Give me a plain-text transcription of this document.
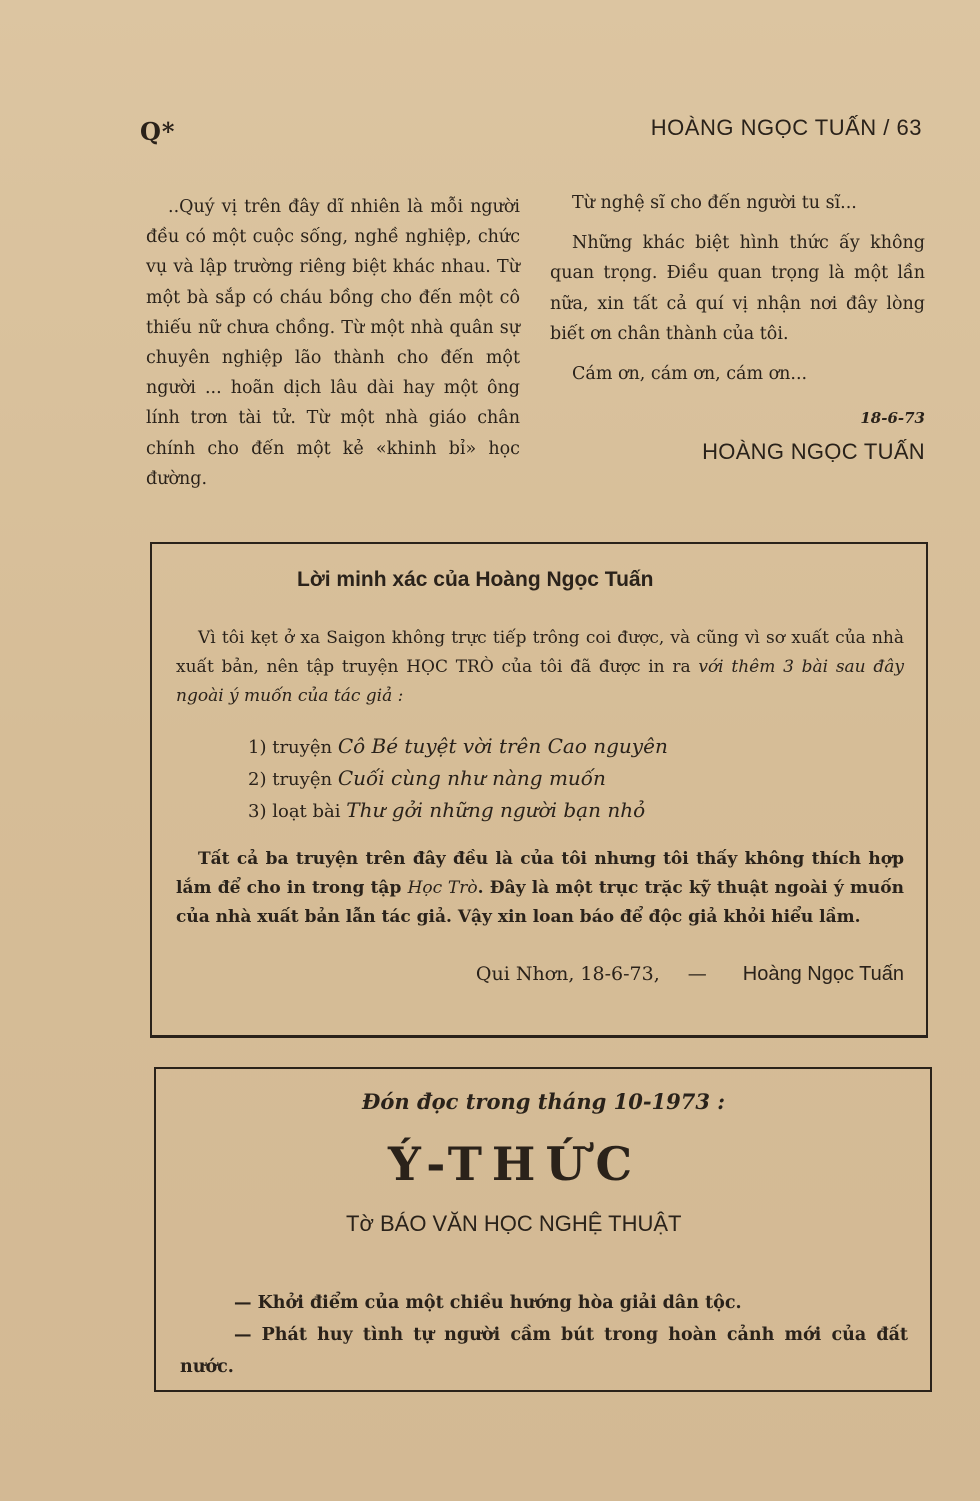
Q*	HOÀNG NGỌC TUẤN / 63
..Quý vị trên đây dĩ nhiên là mỗi người đều có một cuộc sống, nghề nghiệp, chức vụ và lập trường riêng biệt khác nhau. Từ một bà sắp có cháu bồng cho đến một cô thiếu nữ chưa chồng. Từ một nhà quân sự chuyên nghiệp lão thành cho đến một người ... hoãn dịch lâu dài hay một ông lính trơn tài tử. Từ một nhà giáo chân chính cho đến một kẻ «khinh bỉ» học đường.

Từ nghệ sĩ cho đến người tu sĩ...

Những khác biệt hình thức ấy không quan trọng. Điều quan trọng là một lần nữa, xin tất cả quí vị nhận nơi đây lòng biết ơn chân thành của tôi.

Cám ơn, cám ơn, cám ơn...

18-6-73

HOÀNG NGỌC TUẤN

Lời minh xác của Hoàng Ngọc Tuấn

Vì tôi kẹt ở xa Saigon không trực tiếp trông coi được, và cũng vì sơ xuất của nhà xuất bản, nên tập truyện HỌC TRÒ của tôi đã được in ra với thêm 3 bài sau đây ngoài ý muốn của tác giả :

1) truyện Cô Bé tuyệt vời trên Cao nguyên
2) truyện Cuối cùng như nàng muốn
3) loạt bài Thư gởi những người bạn nhỏ

Tất cả ba truyện trên đây đều là của tôi nhưng tôi thấy không thích hợp lắm để cho in trong tập Học Trò. Đây là một trục trặc kỹ thuật ngoài ý muốn của nhà xuất bản lẫn tác giả. Vậy xin loan báo để độc giả khỏi hiểu lầm.

Qui Nhơn, 18-6-73, — Hoàng Ngọc Tuấn

Đón đọc trong tháng 10-1973 :
Ý-THỨC
Tờ BÁO VĂN HỌC NGHỆ THUẬT

— Khởi điểm của một chiều hướng hòa giải dân tộc.

— Phát huy tình tự người cầm bút trong hoàn cảnh mới của đất nước.
